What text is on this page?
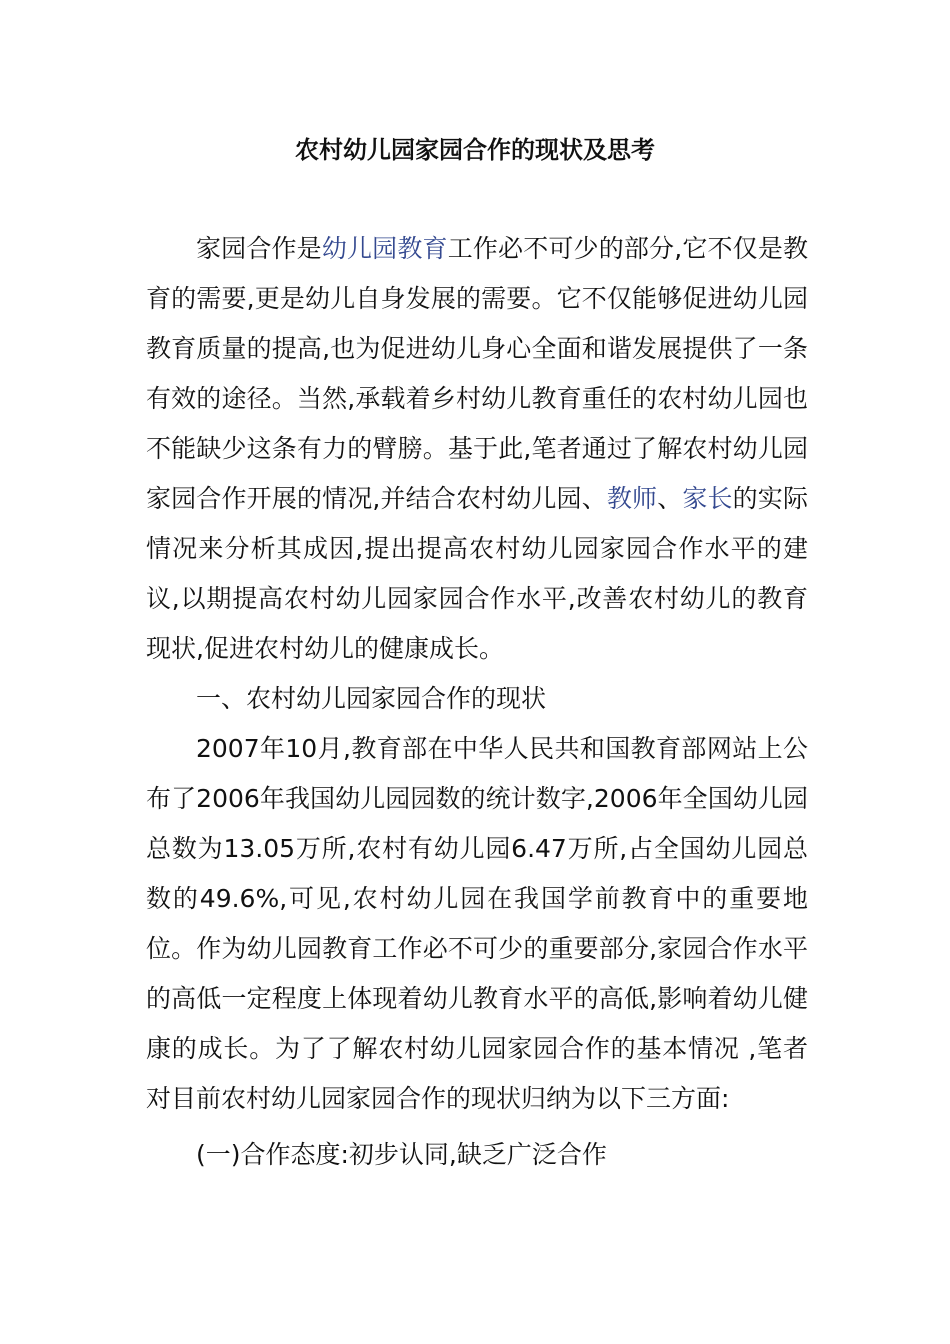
农村幼儿园家园合作的现状及思考

家园合作是幼儿园教育工作必不可少的部分,它不仅是教育的需要,更是幼儿自身发展的需要。它不仅能够促进幼儿园教育质量的提高,也为促进幼儿身心全面和谐发展提供了一条有效的途径。当然,承载着乡村幼儿教育重任的农村幼儿园也不能缺少这条有力的臂膀。基于此,笔者通过了解农村幼儿园家园合作开展的情况,并结合农村幼儿园、教师、家长的实际情况来分析其成因,提出提高农村幼儿园家园合作水平的建议,以期提高农村幼儿园家园合作水平,改善农村幼儿的教育现状,促进农村幼儿的健康成长。

一、农村幼儿园家园合作的现状

2007年10月,教育部在中华人民共和国教育部网站上公布了2006年我国幼儿园园数的统计数字,2006年全国幼儿园总数为13.05万所,农村有幼儿园6.47万所,占全国幼儿园总数的49.6%,可见,农村幼儿园在我国学前教育中的重要地位。作为幼儿园教育工作必不可少的重要部分,家园合作水平的高低一定程度上体现着幼儿教育水平的高低,影响着幼儿健康的成长。为了了解农村幼儿园家园合作的基本情况 ,笔者对目前农村幼儿园家园合作的现状归纳为以下三方面:

(一)合作态度:初步认同,缺乏广泛合作
